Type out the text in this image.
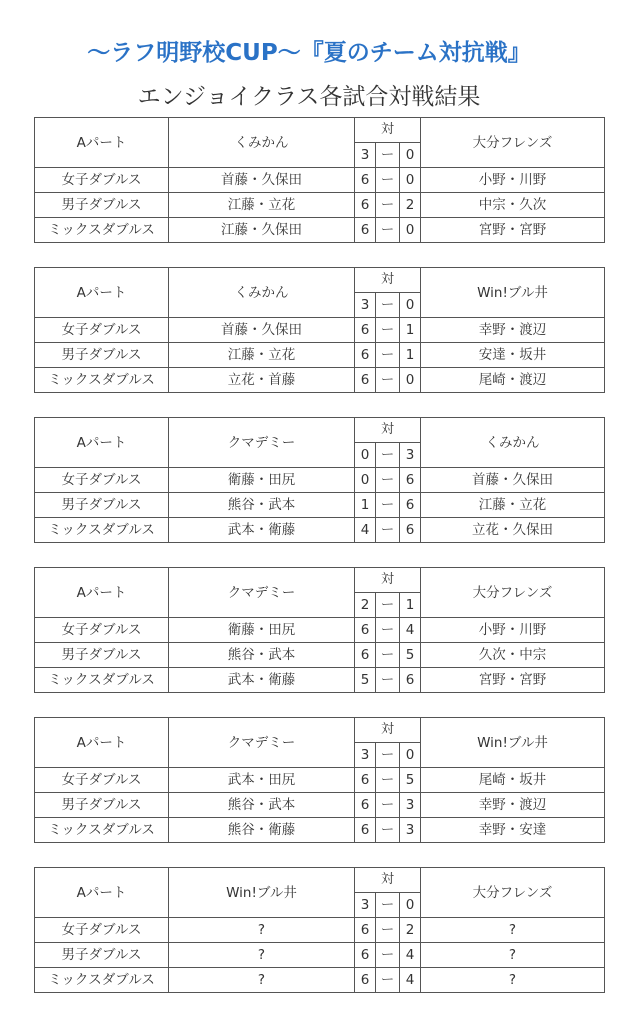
〜ラフ明野校CUP〜『夏のチーム対抗戦』
エンジョイクラス各試合対戦結果
Aパート	くみかん	対			大分フレンズ
		3	ー	0	
女子ダブルス	首藤・久保田	6	ー	0	小野・川野
男子ダブルス	江藤・立花	6	ー	2	中宗・久次
ミックスダブルス	江藤・久保田	6	ー	0	宮野・宮野
Aパート	くみかん	対			Win!ブル井
		3	ー	0	
女子ダブルス	首藤・久保田	6	ー	1	幸野・渡辺
男子ダブルス	江藤・立花	6	ー	1	安達・坂井
ミックスダブルス	立花・首藤	6	ー	0	尾崎・渡辺
Aパート	クマデミー	対			くみかん
		0	ー	3	
女子ダブルス	衛藤・田尻	0	ー	6	首藤・久保田
男子ダブルス	熊谷・武本	1	ー	6	江藤・立花
ミックスダブルス	武本・衛藤	4	ー	6	立花・久保田
Aパート	クマデミー	対			大分フレンズ
		2	ー	1	
女子ダブルス	衛藤・田尻	6	ー	4	小野・川野
男子ダブルス	熊谷・武本	6	ー	5	久次・中宗
ミックスダブルス	武本・衛藤	5	ー	6	宮野・宮野
Aパート	クマデミー	対			Win!ブル井
		3	ー	0	
女子ダブルス	武本・田尻	6	ー	5	尾崎・坂井
男子ダブルス	熊谷・武本	6	ー	3	幸野・渡辺
ミックスダブルス	熊谷・衛藤	6	ー	3	幸野・安達
Aパート	Win!ブル井	対			大分フレンズ
		3	ー	0	
女子ダブルス	?	6	ー	2	?
男子ダブルス	?	6	ー	4	?
ミックスダブルス	?	6	ー	4	?
